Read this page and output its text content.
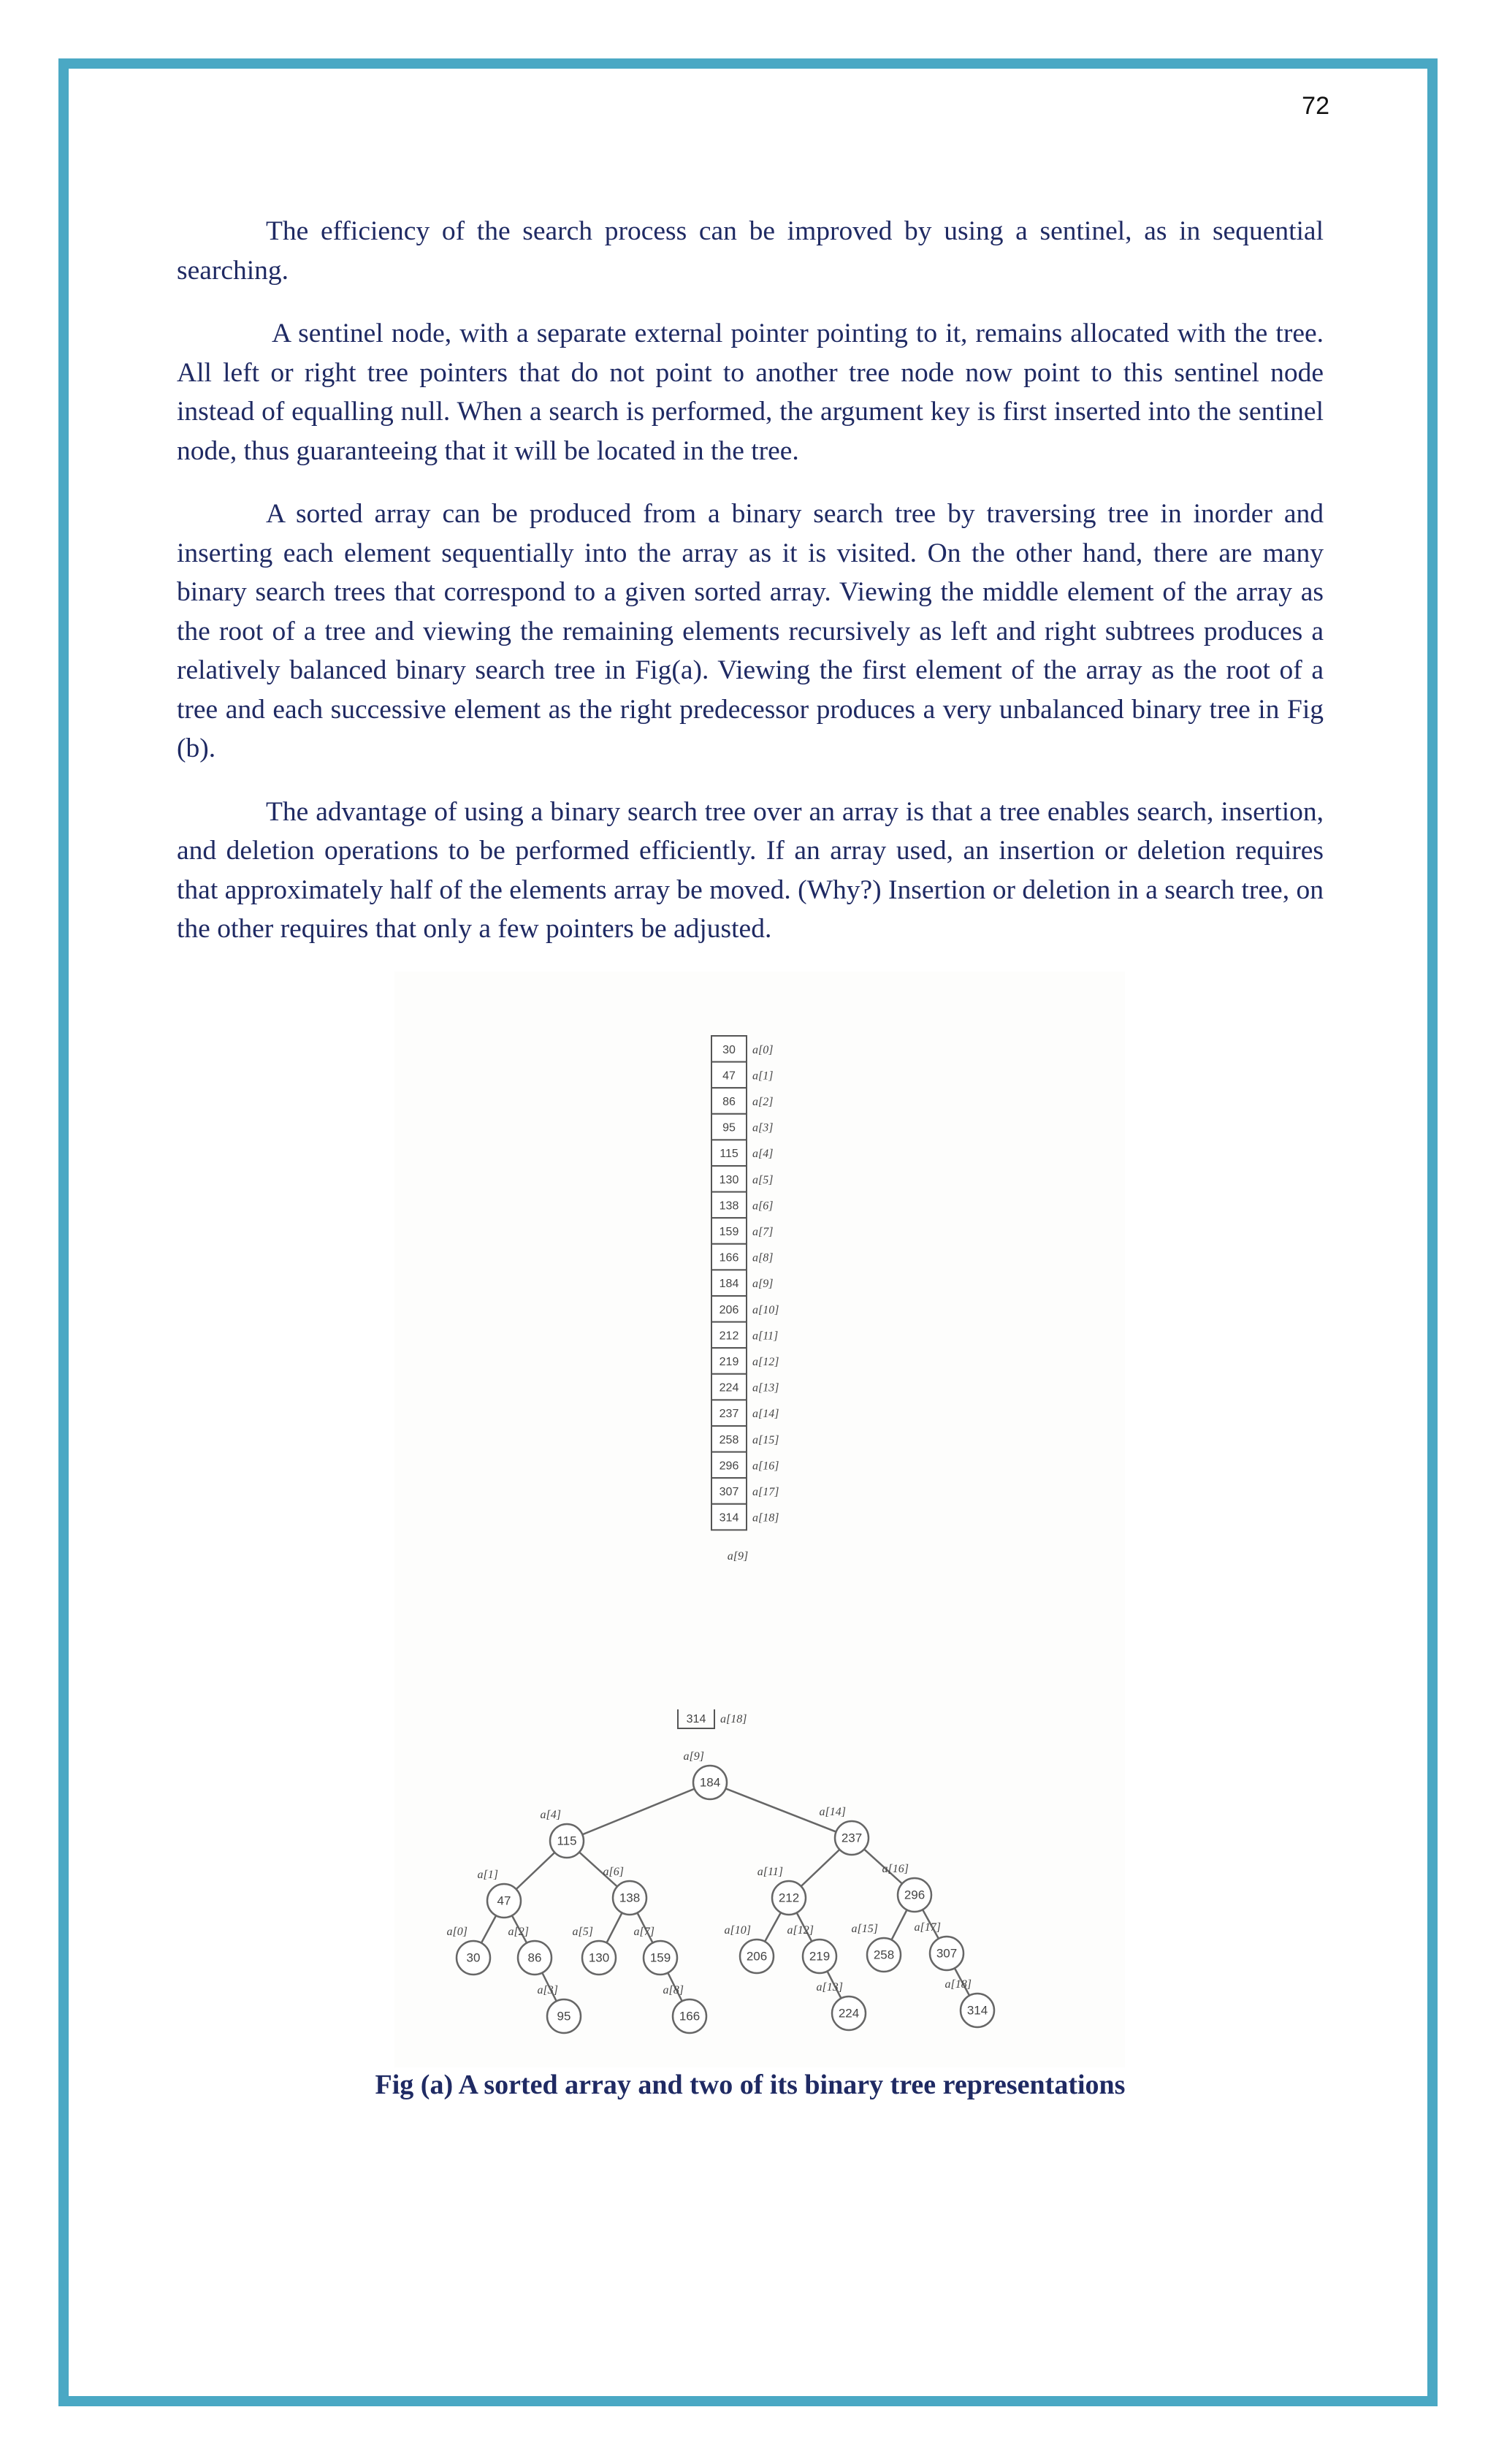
72

The efficiency of the search process can be improved by using a sentinel, as in sequential searching.

A sentinel node, with a separate external pointer pointing to it, remains allocated with the tree. All left or right tree pointers that do not point to another tree node now point to this sentinel node instead of equalling null. When a search is performed, the argument key is first inserted into the sentinel node, thus guaranteeing that it will be located in the tree.

A sorted array can be produced from a binary search tree by traversing tree in inorder and inserting each element sequentially into the array as it is visited. On the other hand, there are many binary search trees that correspond to a given sorted array. Viewing the middle element of the array as the root of a tree and viewing the remaining elements recursively as left and right subtrees produces a relatively balanced binary search tree in Fig(a). Viewing the first element of the array as the root of a tree and each successive element as the right predecessor produces a very unbalanced binary tree in Fig (b).

The advantage of using a binary search tree over an array is that a tree enables search, insertion, and deletion operations to be performed efficiently. If an array used, an insertion or deletion requires that approximately half of the elements array be moved. (Why?) Insertion or deletion in a search tree, on the other requires that only a few pointers be adjusted.

30 a[0]
47 a[1]
86 a[2]
95 a[3]
115 a[4]
130 a[5]
138 a[6]
159 a[7]
166 a[8]
184 a[9]
206 a[10]
212 a[11]
219 a[12]
224 a[13]
237 a[14]
258 a[15]
296 a[16]
307 a[17]
314 a[18]
a[9]
314 a[18]
184
a[9]
115
a[4]
237
a[14]
47
a[1]
138
a[6]
212
a[11]
296
a[16]
30
a[0]
86
a[2]
130
a[5]
159
a[7]
206
a[10]
219
a[12]
258
a[15]
307
a[17]
95
a[3]
166
a[8]
224
a[13]
314
a[18]
Fig (a) A sorted array and two of its binary tree representations
